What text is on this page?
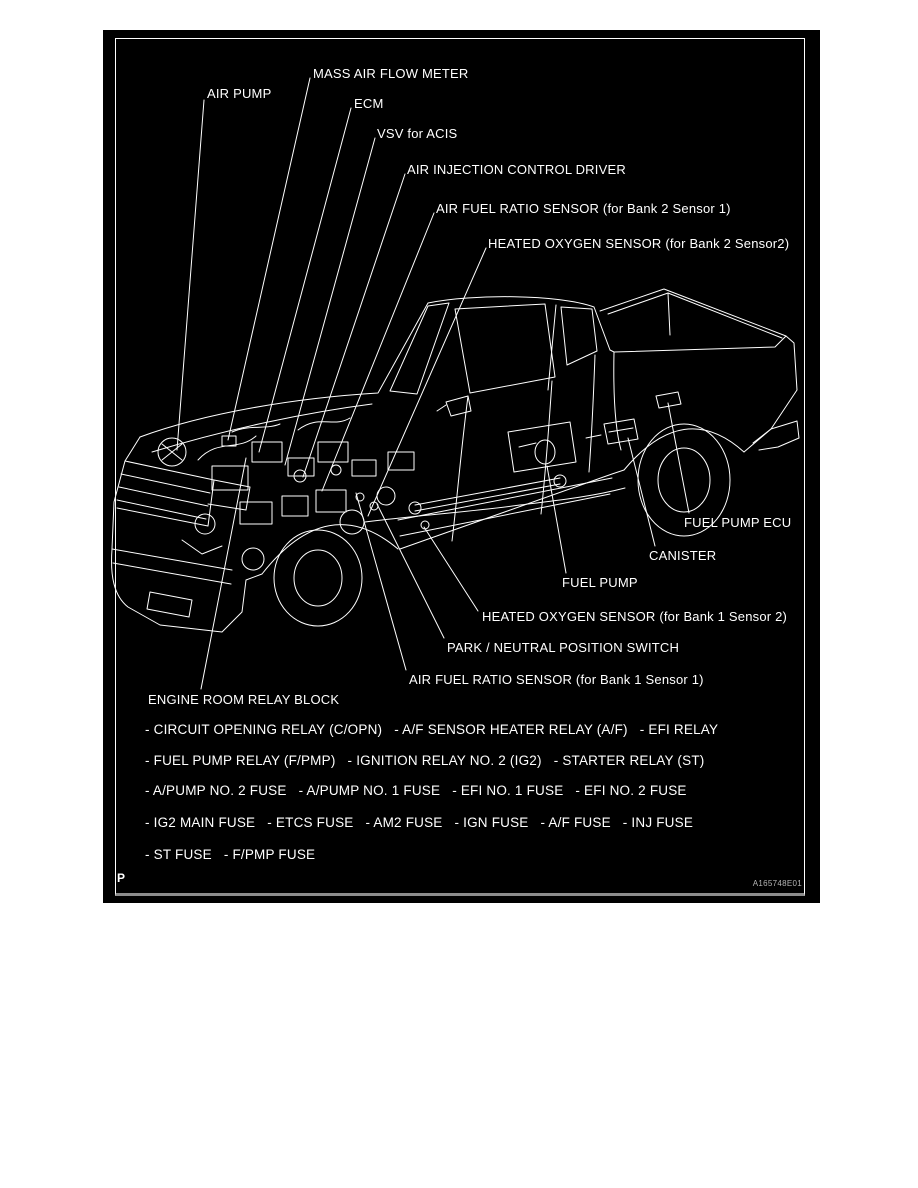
AIR PUMP
MASS AIR FLOW METER
ECM
VSV for ACIS
AIR INJECTION CONTROL DRIVER
AIR FUEL RATIO SENSOR (for Bank 2 Sensor 1)
HEATED OXYGEN SENSOR (for Bank 2 Sensor2)
FUEL PUMP ECU
CANISTER
FUEL PUMP
HEATED OXYGEN SENSOR (for Bank 1 Sensor 2)
PARK / NEUTRAL POSITION SWITCH
AIR FUEL RATIO SENSOR (for Bank 1 Sensor 1)
ENGINE ROOM RELAY BLOCK
- CIRCUIT OPENING RELAY (C/OPN) - A/F SENSOR HEATER RELAY (A/F) - EFI RELAY
- FUEL PUMP RELAY (F/PMP) - IGNITION RELAY NO. 2 (IG2) - STARTER RELAY (ST)
- A/PUMP NO. 2 FUSE - A/PUMP NO. 1 FUSE - EFI NO. 1 FUSE - EFI NO. 2 FUSE
- IG2 MAIN FUSE - ETCS FUSE - AM2 FUSE - IGN FUSE - A/F FUSE - INJ FUSE
- ST FUSE - F/PMP FUSE
P	A165748E01
